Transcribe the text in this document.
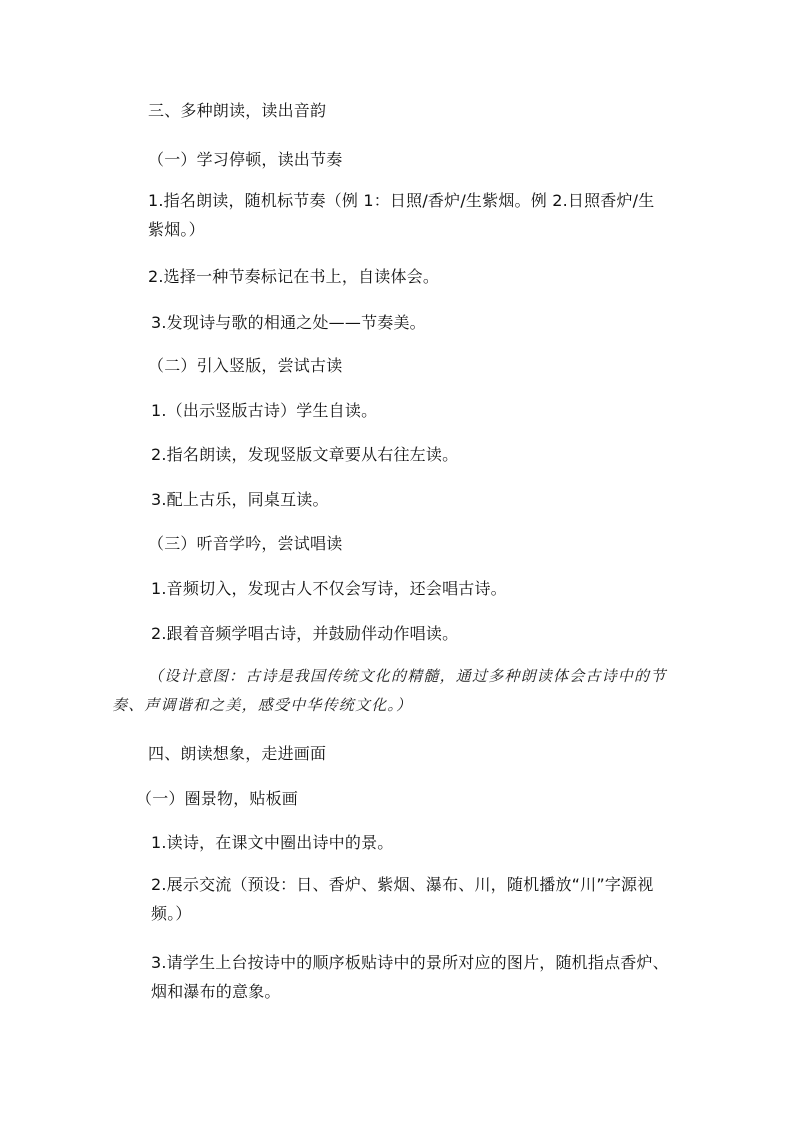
三、多种朗读，读出音韵
（一）学习停顿，读出节奏
1.指名朗读，随机标节奏（例 1：日照/香炉/生紫烟。例 2.日照香炉/生紫烟。）
2.选择一种节奏标记在书上，自读体会。
3.发现诗与歌的相通之处——节奏美。
（二）引入竖版，尝试古读
1.（出示竖版古诗）学生自读。
2.指名朗读，发现竖版文章要从右往左读。
3.配上古乐，同桌互读。
（三）听音学吟，尝试唱读
1.音频切入，发现古人不仅会写诗，还会唱古诗。
2.跟着音频学唱古诗，并鼓励伴动作唱读。
（设计意图：古诗是我国传统文化的精髓，通过多种朗读体会古诗中的节奏、声调谐和之美，感受中华传统文化。）
四、朗读想象，走进画面
（一）圈景物，贴板画
1.读诗，在课文中圈出诗中的景。
2.展示交流（预设：日、香炉、紫烟、瀑布、川，随机播放“川”字源视频。）
3.请学生上台按诗中的顺序板贴诗中的景所对应的图片，随机指点香炉、烟和瀑布的意象。
